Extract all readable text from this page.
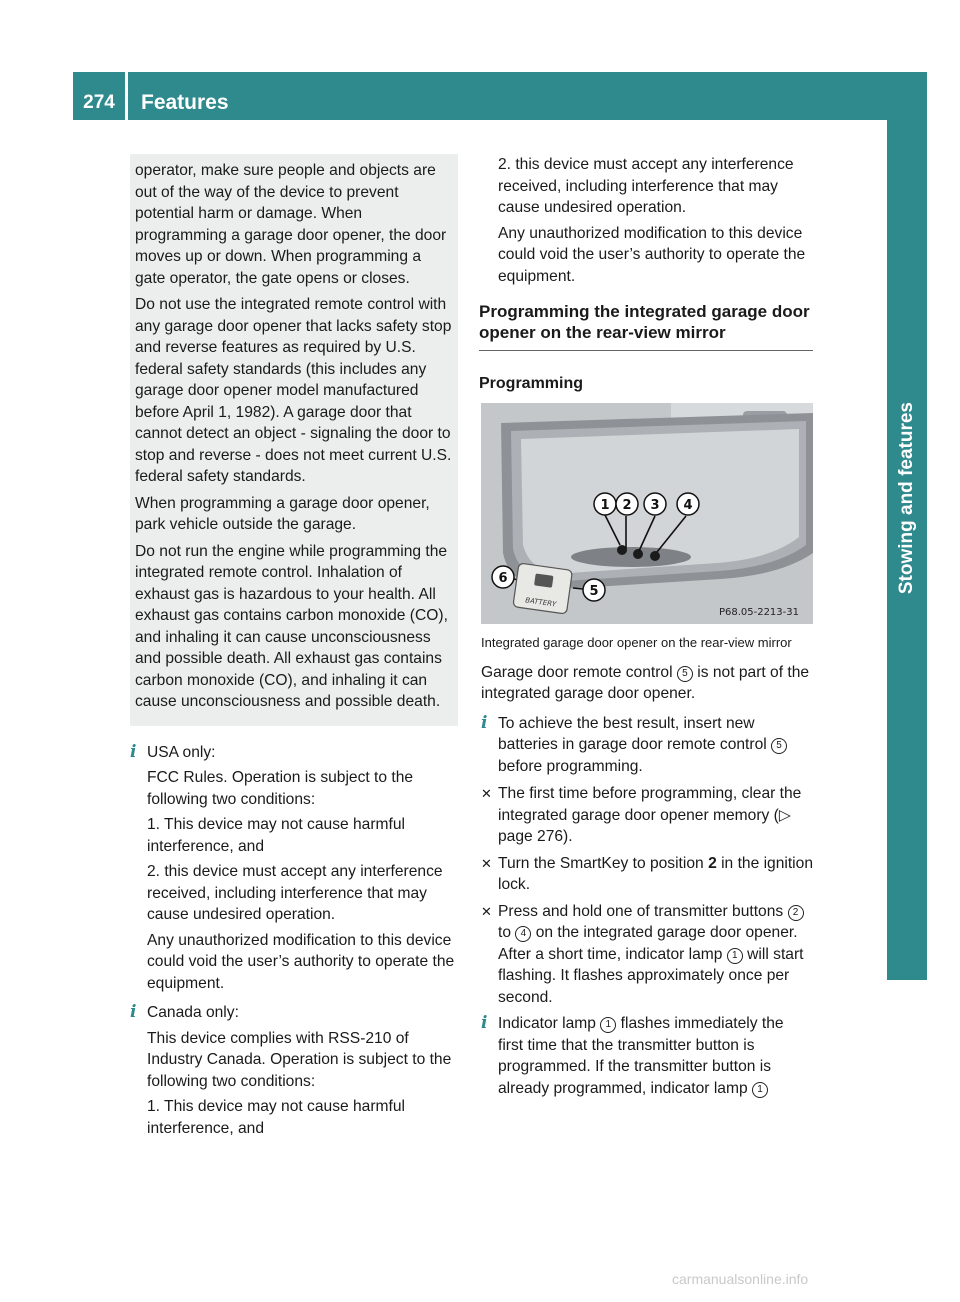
274	Features
Stowing and features

operator, make sure people and objects are out of the way of the device to prevent potential harm or damage. When programming a garage door opener, the door moves up or down. When programming a gate operator, the gate opens or closes.

Do not use the integrated remote control with any garage door opener that lacks safety stop and reverse features as required by U.S. federal safety standards (this includes any garage door opener model manufactured before April 1, 1982). A garage door that cannot detect an object - signaling the door to stop and reverse - does not meet current U.S. federal safety standards.

When programming a garage door opener, park vehicle outside the garage.

Do not run the engine while programming the integrated remote control. Inhalation of exhaust gas is hazardous to your health. All exhaust gas contains carbon monoxide (CO), and inhaling it can cause unconsciousness and possible death. All exhaust gas contains carbon monoxide (CO), and inhaling it can cause unconsciousness and possible death.

i USA only:

FCC Rules. Operation is subject to the following two conditions:

1. This device may not cause harmful interference, and

2. this device must accept any interference received, including interference that may cause undesired operation.

Any unauthorized modification to this device could void the user’s authority to operate the equipment.

i Canada only:

This device complies with RSS-210 of Industry Canada. Operation is subject to the following two conditions:

1. This device may not cause harmful interference, and

2. this device must accept any interference received, including interference that may cause undesired operation.

Any unauthorized modification to this device could void the user’s authority to operate the equipment.

Programming the integrated garage door opener on the rear-view mirror
Programming
1 2 3 4
5
6
BATTERY
P68.05-2213-31

Integrated garage door opener on the rear-view mirror

Garage door remote control 5 is not part of the integrated garage door opener.

i To achieve the best result, insert new batteries in garage door remote control 5 before programming.

✕ The first time before programming, clear the integrated garage door opener memory (▷ page 276).

✕ Turn the SmartKey to position 2 in the ignition lock.

✕ Press and hold one of transmitter buttons 2 to 4 on the integrated garage door opener.
After a short time, indicator lamp 1 will start flashing. It flashes approximately once per second.

i Indicator lamp 1 flashes immediately the first time that the transmitter button is programmed. If the transmitter button is already programmed, indicator lamp 1

carmanualsonline.info
